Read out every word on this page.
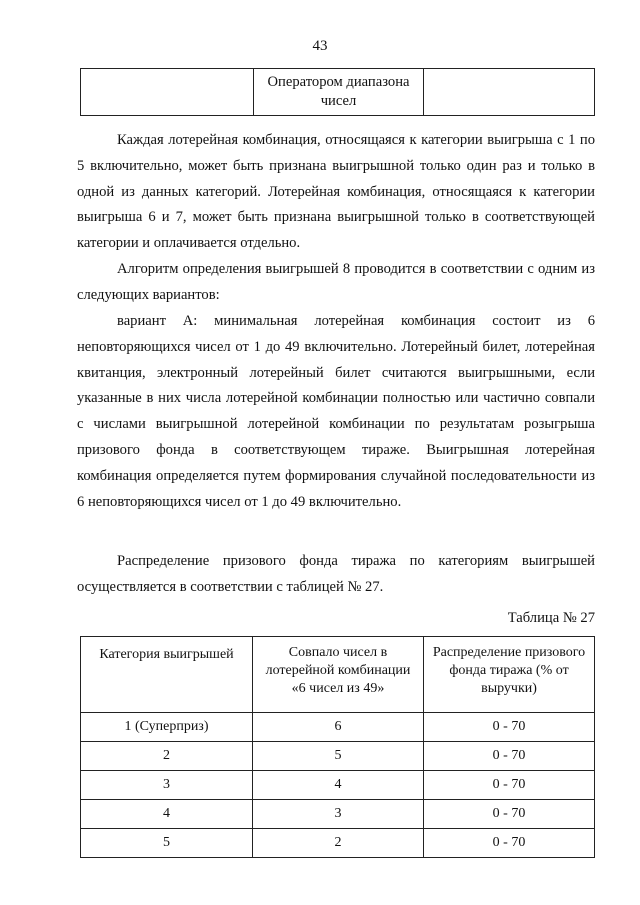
43
	Оператором диапазона чисел	

Каждая лотерейная комбинация, относящаяся к категории выигрыша с 1 по 5 включительно, может быть признана выигрышной только один раз и только в одной из данных категорий. Лотерейная комбинация, относящаяся к категории выигрыша 6 и 7, может быть признана выигрышной только в соответствующей категории и оплачивается отдельно.

Алгоритм определения выигрышей 8 проводится в соответствии с одним из следующих вариантов:

вариант А: минимальная лотерейная комбинация состоит из 6 неповторяющихся чисел от 1 до 49 включительно. Лотерейный билет, лотерейная квитанция, электронный лотерейный билет считаются выигрышными, если указанные в них числа лотерейной комбинации полностью или частично совпали с числами выигрышной лотерейной комбинации по результатам розыгрыша призового фонда в соответствующем тираже. Выигрышная лотерейная комбинация определяется путем формирования случайной последовательности из 6 неповторяющихся чисел от 1 до 49 включительно.

Распределение призового фонда тиража по категориям выигрышей осуществляется в соответствии с таблицей № 27.

Таблица № 27
Категория выигрышей	Совпало чисел в лотерейной комбинации «6 чисел из 49»	Распределение призового фонда тиража (% от выручки)
1 (Суперприз)	6	0 - 70
2	5	0 - 70
3	4	0 - 70
4	3	0 - 70
5	2	0 - 70
